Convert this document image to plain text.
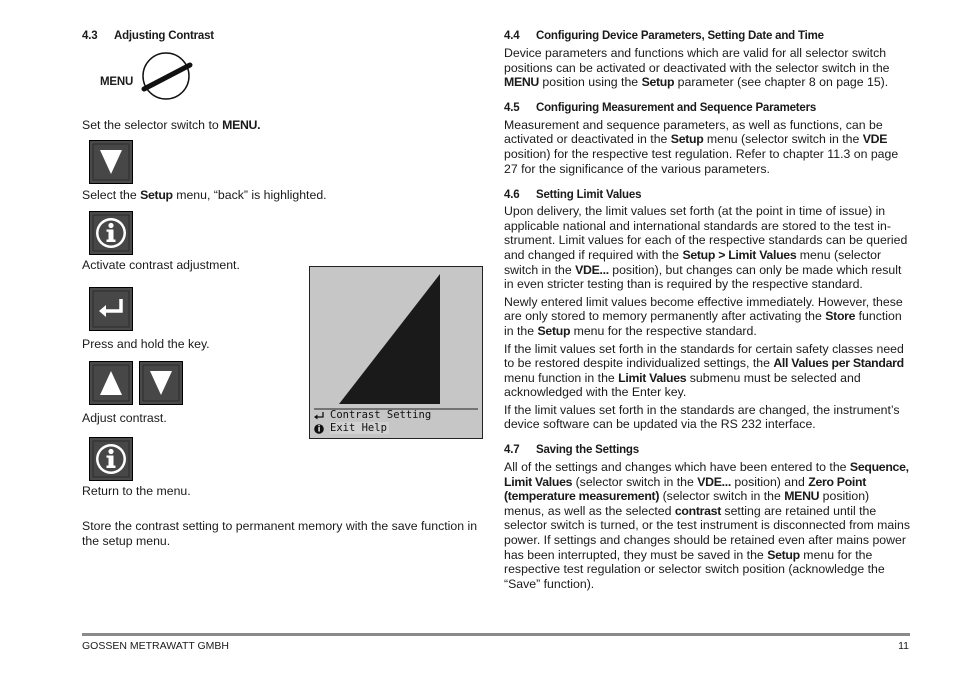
4.3 Adjusting Contrast
MENU
Set the selector switch to MENU.
Select the Setup menu, “back” is highlighted.
Activate contrast adjustment.
Press and hold the key.
Adjust contrast.
Return to the menu.
Store the contrast setting to permanent memory with the save function in the setup menu.
Contrast Setting
Exit Help
4.4 Configuring Device Parameters, Setting Date and Time
Device parameters and functions which are valid for all selector switch positions can be activated or deactivated with the selector switch in the MENU position using the Setup parameter (see chapter 8 on page 15).
4.5 Configuring Measurement and Sequence Parameters
Measurement and sequence parameters, as well as functions, can be activated or deactivated in the Setup menu (selector switch in the VDE position) for the respective test regulation. Refer to chapter 11.3 on page 27 for the significance of the various parameters.
4.6 Setting Limit Values
Upon delivery, the limit values set forth (at the point in time of issue) in applicable national and international standards are stored to the test instrument. Limit values for each of the respective standards can be queried and changed if required with the Setup > Limit Values menu (selector switch in the VDE... position), but changes can only be made which result in even stricter testing than is required by the respective standard.
Newly entered limit values become effective immediately. However, these are only stored to memory permanently after activating the Store function in the Setup menu for the respective standard.
If the limit values set forth in the standards for certain safety classes need to be restored despite individualized settings, the All Values per Standard menu function in the Limit Values submenu must be selected and acknowledged with the Enter key.
If the limit values set forth in the standards are changed, the instrument’s device software can be updated via the RS 232 interface.
4.7 Saving the Settings
All of the settings and changes which have been entered to the Sequence, Limit Values (selector switch in the VDE... position) and Zero Point (temperature measurement) (selector switch in the MENU position) menus, as well as the selected contrast setting are retained until the selector switch is turned, or the test instrument is disconnected from mains power. If settings and changes should be retained even after mains power has been interrupted, they must be saved in the Setup menu for the respective test regulation or selector switch position (acknowledge the “Save” function).
GOSSEN METRAWATT GMBH	11
